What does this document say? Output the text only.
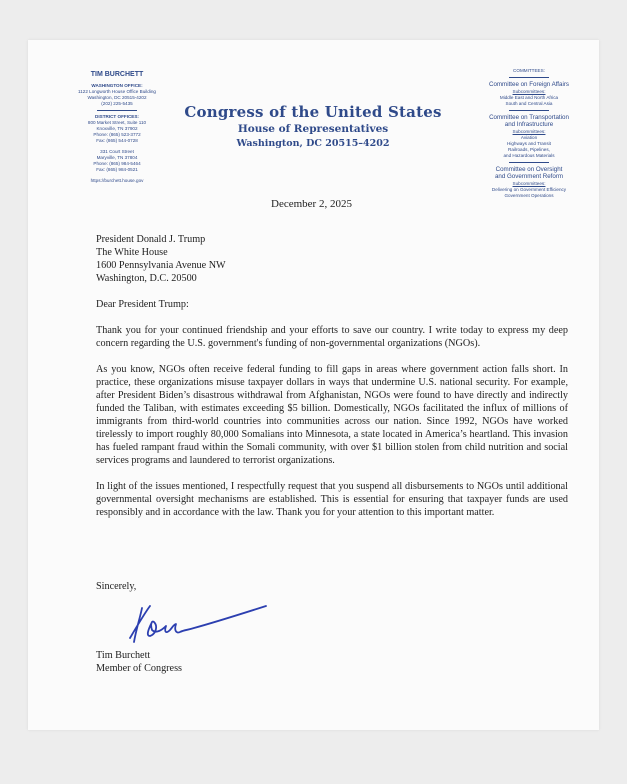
TIM BURCHETT
WASHINGTON OFFICE:
1122 Longworth House Office Building
Washington, DC 20515-4202
(202) 225-5435
DISTRICT OFFICES:
800 Market Street, Suite 110
Knoxville, TN 37902
Phone: (865) 523-3772
Fax: (865) 544-0728
331 Court Street
Maryville, TN 37804
Phone: (865) 984-5464
Fax: (865) 984-0521
https://burchett.house.gov
Congress of the United States
House of Representatives
Washington, DC 20515–4202
COMMITTEES:
Committee on Foreign Affairs
Subcommittees:
Middle East and North Africa
South and Central Asia
Committee on Transportation
and Infrastructure
Subcommittees:
Aviation
Highways and Transit
Railroads, Pipelines,
and Hazardous Materials
Committee on Oversight
and Government Reform
Subcommittees:
Delivering on Government Efficiency
Government Operations
December 2, 2025
President Donald J. Trump
The White House
1600 Pennsylvania Avenue NW
Washington, D.C. 20500

Dear President Trump:

Thank you for your continued friendship and your efforts to save our country. I write today to express my deep concern regarding the U.S. government's funding of non-governmental organizations (NGOs).

As you know, NGOs often receive federal funding to fill gaps in areas where government action falls short. In practice, these organizations misuse taxpayer dollars in ways that undermine U.S. national security. For example, after President Biden’s disastrous withdrawal from Afghanistan, NGOs were found to have directly and indirectly funded the Taliban, with estimates exceeding $5 billion. Domestically, NGOs facilitated the influx of millions of immigrants from third-world countries into communities across our nation. Since 1992, NGOs have worked tirelessly to import roughly 80,000 Somalians into Minnesota, a state located in America’s heartland. This invasion has fueled rampant fraud within the Somali community, with over $1 billion stolen from child nutrition and social services programs and laundered to terrorist organizations.

In light of the issues mentioned, I respectfully request that you suspend all disbursements to NGOs until additional governmental oversight mechanisms are established. This is essential for ensuring that taxpayer funds are used responsibly and in accordance with the law. Thank you for your attention to this important matter.

Sincerely,
Tim Burchett
Member of Congress
